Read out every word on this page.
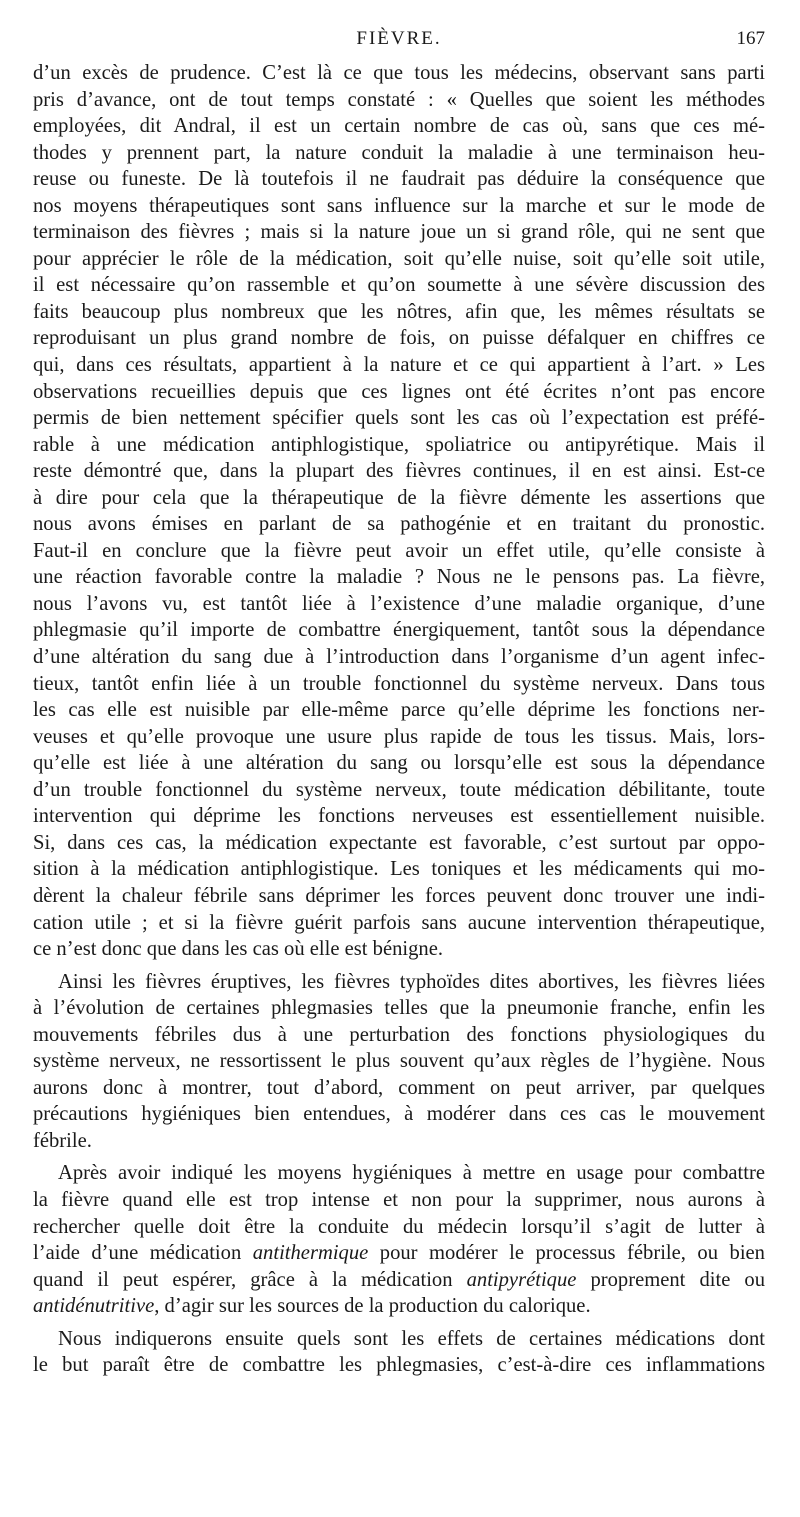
FIÈVRE.	167
d’un excès de prudence. C’est là ce que tous les médecins, observant sans parti
pris d’avance, ont de tout temps constaté : « Quelles que soient les méthodes
employées, dit Andral, il est un certain nombre de cas où, sans que ces mé-
thodes y prennent part, la nature conduit la maladie à une terminaison heu-
reuse ou funeste. De là toutefois il ne faudrait pas déduire la conséquence que
nos moyens thérapeutiques sont sans influence sur la marche et sur le mode de
terminaison des fièvres ; mais si la nature joue un si grand rôle, qui ne sent que
pour apprécier le rôle de la médication, soit qu’elle nuise, soit qu’elle soit utile,
il est nécessaire qu’on rassemble et qu’on soumette à une sévère discussion des
faits beaucoup plus nombreux que les nôtres, afin que, les mêmes résultats se
reproduisant un plus grand nombre de fois, on puisse défalquer en chiffres ce
qui, dans ces résultats, appartient à la nature et ce qui appartient à l’art. » Les
observations recueillies depuis que ces lignes ont été écrites n’ont pas encore
permis de bien nettement spécifier quels sont les cas où l’expectation est préfé-
rable à une médication antiphlogistique, spoliatrice ou antipyrétique. Mais il
reste démontré que, dans la plupart des fièvres continues, il en est ainsi. Est-ce
à dire pour cela que la thérapeutique de la fièvre démente les assertions que
nous avons émises en parlant de sa pathogénie et en traitant du pronostic.
Faut-il en conclure que la fièvre peut avoir un effet utile, qu’elle consiste à
une réaction favorable contre la maladie ? Nous ne le pensons pas. La fièvre,
nous l’avons vu, est tantôt liée à l’existence d’une maladie organique, d’une
phlegmasie qu’il importe de combattre énergiquement, tantôt sous la dépendance
d’une altération du sang due à l’introduction dans l’organisme d’un agent infec-
tieux, tantôt enfin liée à un trouble fonctionnel du système nerveux. Dans tous
les cas elle est nuisible par elle-même parce qu’elle déprime les fonctions ner-
veuses et qu’elle provoque une usure plus rapide de tous les tissus. Mais, lors-
qu’elle est liée à une altération du sang ou lorsqu’elle est sous la dépendance
d’un trouble fonctionnel du système nerveux, toute médication débilitante, toute
intervention qui déprime les fonctions nerveuses est essentiellement nuisible.
Si, dans ces cas, la médication expectante est favorable, c’est surtout par oppo-
sition à la médication antiphlogistique. Les toniques et les médicaments qui mo-
dèrent la chaleur fébrile sans déprimer les forces peuvent donc trouver une indi-
cation utile ; et si la fièvre guérit parfois sans aucune intervention thérapeutique,
ce n’est donc que dans les cas où elle est bénigne.
Ainsi les fièvres éruptives, les fièvres typhoïdes dites abortives, les fièvres liées
à l’évolution de certaines phlegmasies telles que la pneumonie franche, enfin les
mouvements fébriles dus à une perturbation des fonctions physiologiques du
système nerveux, ne ressortissent le plus souvent qu’aux règles de l’hygiène. Nous
aurons donc à montrer, tout d’abord, comment on peut arriver, par quelques
précautions hygiéniques bien entendues, à modérer dans ces cas le mouvement
fébrile.
Après avoir indiqué les moyens hygiéniques à mettre en usage pour combattre
la fièvre quand elle est trop intense et non pour la supprimer, nous aurons à
rechercher quelle doit être la conduite du médecin lorsqu’il s’agit de lutter à
l’aide d’une médication antithermique pour modérer le processus fébrile, ou bien
quand il peut espérer, grâce à la médication antipyrétique proprement dite ou
antidénutritive, d’agir sur les sources de la production du calorique.
Nous indiquerons ensuite quels sont les effets de certaines médications dont
le but paraît être de combattre les phlegmasies, c’est-à-dire ces inflammations
